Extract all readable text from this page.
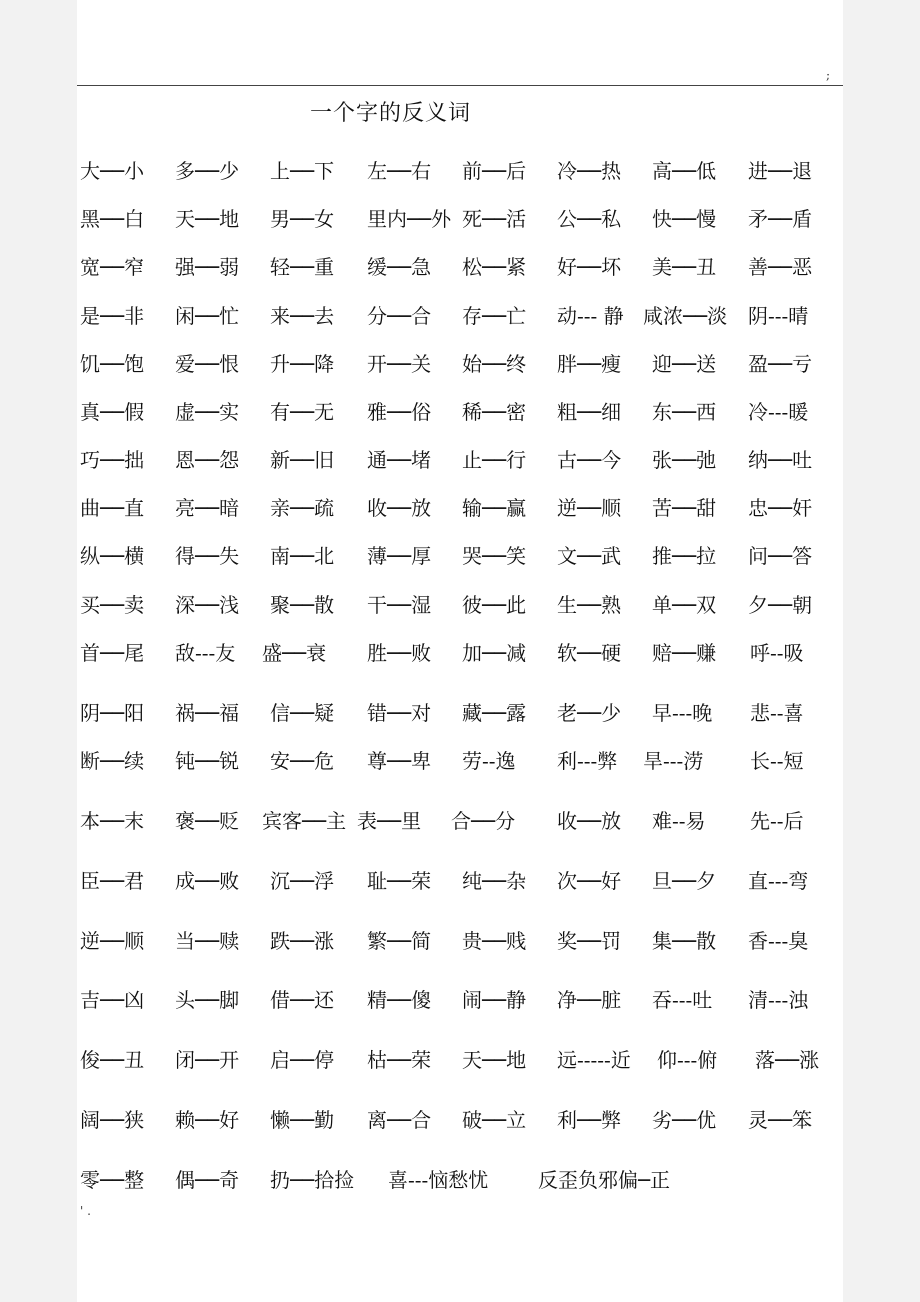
;
一个字的反义词
大──小 多──少 上──下 左──右 前──后 冷──热 高──低 进──退
黑──白 天──地 男──女 里内──外 死──活 公──私 快──慢 矛──盾
宽──窄 强──弱 轻──重 缓──急 松──紧 好──坏 美──丑 善──恶
是──非 闲──忙 来──去 分──合 存──亡 动--- 静 咸浓──淡 阴---晴
饥──饱 爱──恨 升──降 开──关 始──终 胖──瘦 迎──送 盈──亏
真──假 虚──实 有──无 雅──俗 稀──密 粗──细 东──西 冷---暖
巧──拙 恩──怨 新──旧 通──堵 止──行 古──今 张──弛 纳──吐
曲──直 亮──暗 亲──疏 收──放 输──赢 逆──顺 苦──甜 忠──奸
纵──横 得──失 南──北 薄──厚 哭──笑 文──武 推──拉 问──答
买──卖 深──浅 聚──散 干──湿 彼──此 生──熟 单──双 夕──朝
首──尾 敌---友 盛──衰 胜──败 加──减 软──硬 赔──赚 呼--吸
阴──阳 祸──福 信──疑 错──对 藏──露 老──少 早---晚 悲--喜
断──续 钝──锐 安──危 尊──卑 劳--逸 利---弊 旱---涝 长--短
本──末 褒──贬 宾客──主 表──里 合──分 收──放 难--易 先--后
臣──君 成──败 沉──浮 耻──荣 纯──杂 次──好 旦──夕 直---弯
逆──顺 当──赎 跌──涨 繁──简 贵──贱 奖──罚 集──散 香---臭
吉──凶 头──脚 借──还 精──傻 闹──静 净──脏 吞---吐 清---浊
俊──丑 闭──开 启──停 枯──荣 天──地 远-----近 仰---俯 落──涨
阔──狭 赖──好 懒──勤 离──合 破──立 利──弊 劣──优 灵──笨
零──整 偶──奇 扔──拾捡 喜---恼愁忧 反歪负邪偏─正
' .
